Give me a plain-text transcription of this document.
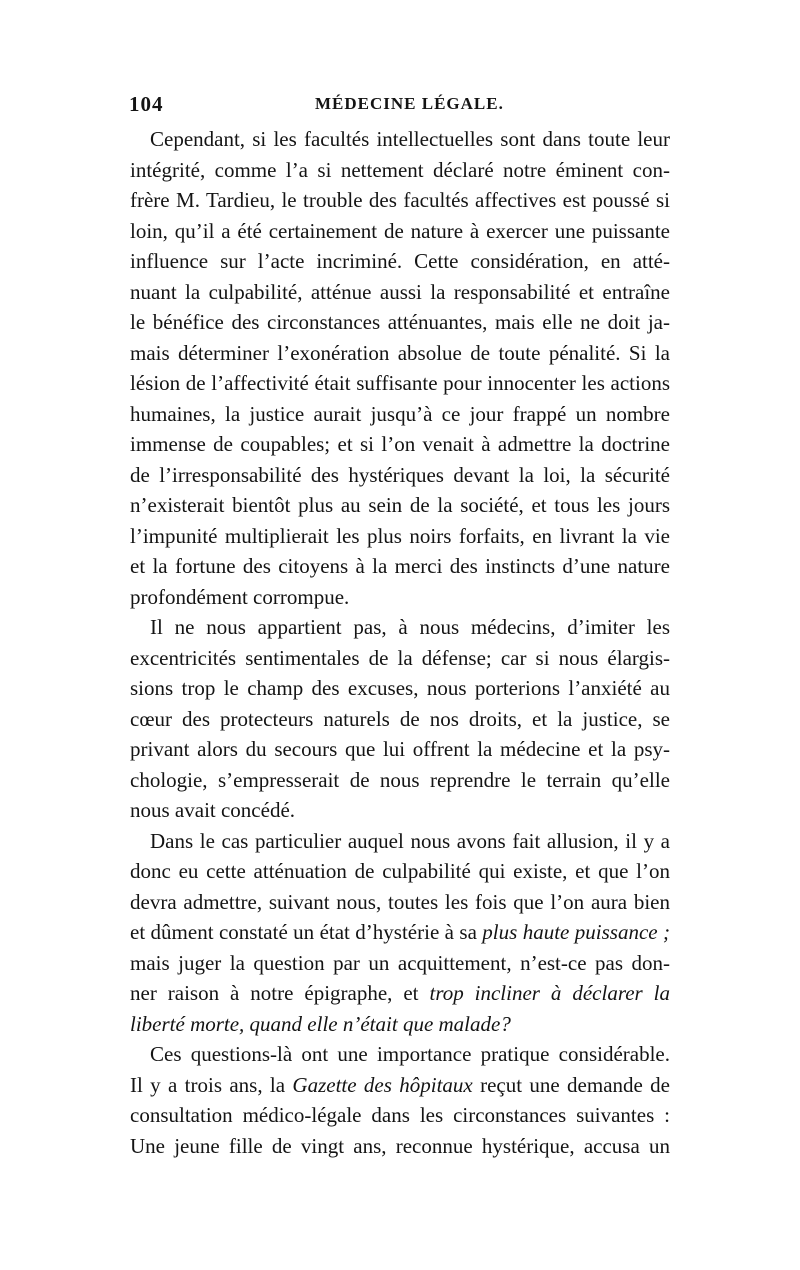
104	MÉDECINE LÉGALE.
Cependant, si les facultés intellectuelles sont dans toute leur
intégrité, comme l’a si nettement déclaré notre éminent con-
frère M. Tardieu, le trouble des facultés affectives est poussé si
loin, qu’il a été certainement de nature à exercer une puissante
influence sur l’acte incriminé. Cette considération, en atté-
nuant la culpabilité, atténue aussi la responsabilité et entraîne
le bénéfice des circonstances atténuantes, mais elle ne doit ja-
mais déterminer l’exonération absolue de toute pénalité. Si la
lésion de l’affectivité était suffisante pour innocenter les actions
humaines, la justice aurait jusqu’à ce jour frappé un nombre
immense de coupables; et si l’on venait à admettre la doctrine
de l’irresponsabilité des hystériques devant la loi, la sécurité
n’existerait bientôt plus au sein de la société, et tous les jours
l’impunité multiplierait les plus noirs forfaits, en livrant la vie
et la fortune des citoyens à la merci des instincts d’une nature
profondément corrompue.
Il ne nous appartient pas, à nous médecins, d’imiter les
excentricités sentimentales de la défense; car si nous élargis-
sions trop le champ des excuses, nous porterions l’anxiété au
cœur des protecteurs naturels de nos droits, et la justice, se
privant alors du secours que lui offrent la médecine et la psy-
chologie, s’empresserait de nous reprendre le terrain qu’elle
nous avait concédé.
Dans le cas particulier auquel nous avons fait allusion, il y a
donc eu cette atténuation de culpabilité qui existe, et que l’on
devra admettre, suivant nous, toutes les fois que l’on aura bien
et dûment constaté un état d’hystérie à sa plus haute puissance ;
mais juger la question par un acquittement, n’est-ce pas don-
ner raison à notre épigraphe, et trop incliner à déclarer la
liberté morte, quand elle n’était que malade?
Ces questions-là ont une importance pratique considérable.
Il y a trois ans, la Gazette des hôpitaux reçut une demande de
consultation médico-légale dans les circonstances suivantes :
Une jeune fille de vingt ans, reconnue hystérique, accusa un
